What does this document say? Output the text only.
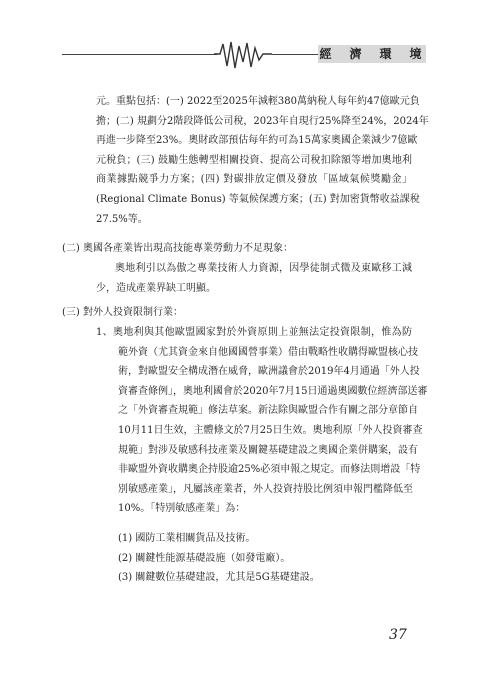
經　濟　環　境
元。重點包括：(一) 2022至2025年減輕380萬納稅人每年約47億歐元負
擔；(二) 規劃分2階段降低公司稅，2023年自現行25%降至24%，2024年
再進一步降至23%。奧財政部預估每年約可為15萬家奧國企業減少7億歐
元稅負；(三) 鼓勵生態轉型相關投資、提高公司稅扣除額等增加奧地利
商業據點競爭力方案；(四) 對碳排放定價及發放「區域氣候獎勵金」
(Regional Climate Bonus) 等氣候保護方案；(五) 對加密貨幣收益課稅
27.5%等。
(二) 奧國各產業皆出現高技能專業勞動力不足現象：
奧地利引以為傲之專業技術人力資源，因學徒制式微及東歐移工減
少，造成產業界缺工明顯。
(三) 對外人投資限制行業：
1、奧地利與其他歐盟國家對於外資原則上並無法定投資限制，惟為防
範外資（尤其資金來自他國國營事業）借由戰略性收購得歐盟核心技
術，對歐盟安全構成潛在威脅，歐洲議會於2019年4月通過「外人投
資審查條例」，奧地利國會於2020年7月15日通過奧國數位經濟部送審
之「外資審查規範」修法草案。新法除與歐盟合作有關之部分章節自
10月11日生效，主體條文於7月25日生效。奧地利原「外人投資審查
規範」對涉及敏感科技產業及關鍵基礎建設之奧國企業併購案，設有
非歐盟外資收購奧企持股逾25%必須申報之規定。而修法則增設「特
別敏感產業」，凡屬該產業者，外人投資持股比例須申報門檻降低至
10%。「特別敏感產業」為：
(1) 國防工業相關貨品及技術。
(2) 關鍵性能源基礎設施（如發電廠）。
(3) 關鍵數位基礎建設，尤其是5G基礎建設。
37
